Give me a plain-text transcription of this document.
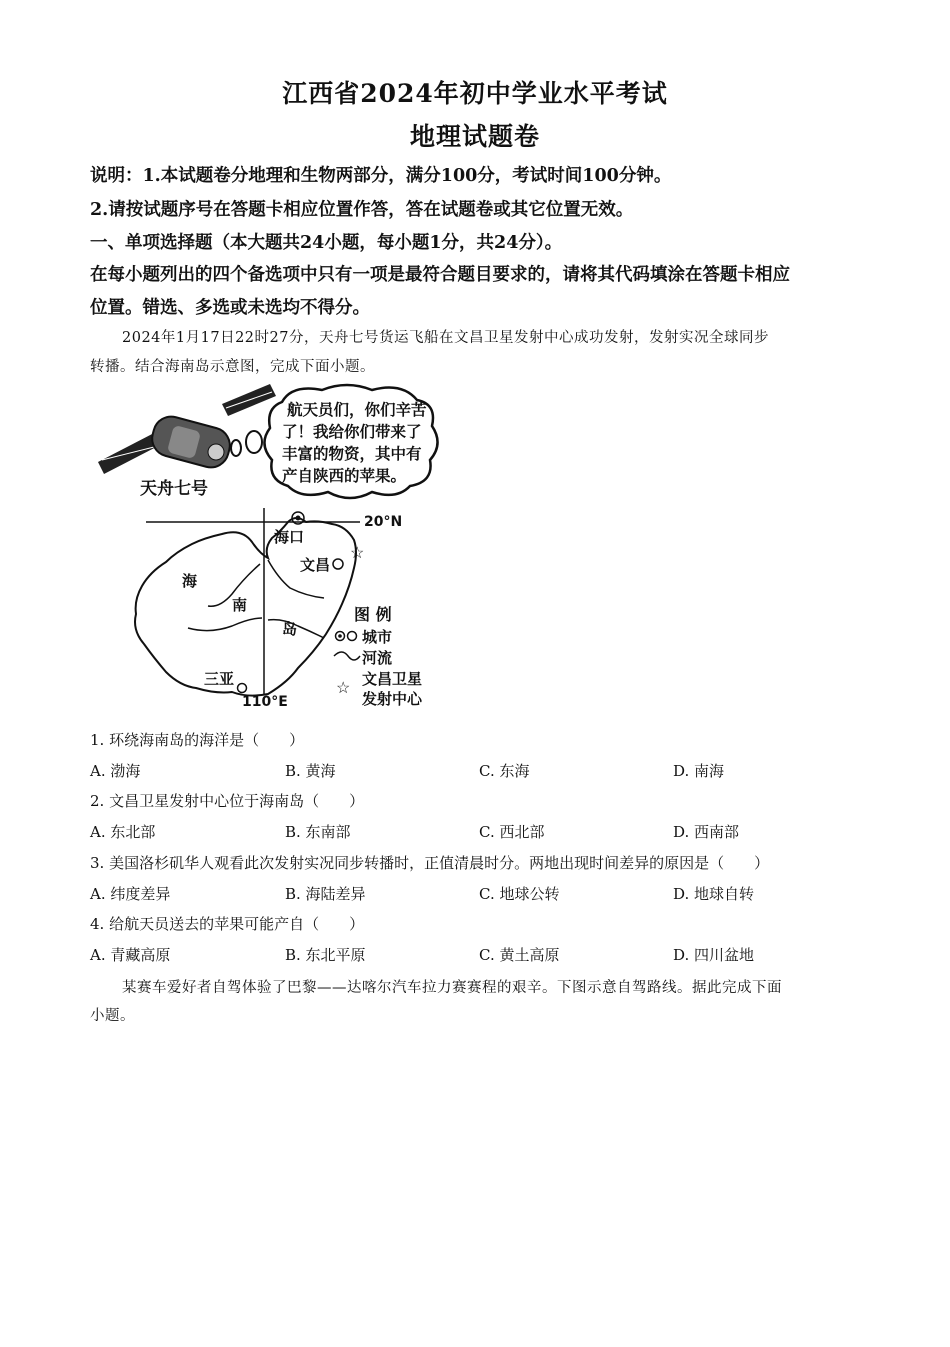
江西省2024年初中学业水平考试
地理试题卷
说明：1.本试题卷分地理和生物两部分，满分100分，考试时间100分钟。
2.请按试题序号在答题卡相应位置作答，答在试题卷或其它位置无效。
一、单项选择题（本大题共24小题，每小题1分，共24分）。
在每小题列出的四个备选项中只有一项是最符合题目要求的，请将其代码填涂在答题卡相应
位置。错选、多选或未选均不得分。
2024年1月17日22时27分，天舟七号货运飞船在文昌卫星发射中心成功发射，发射实况全球同步
转播。结合海南岛示意图，完成下面小题。
航天员们，你们辛苦
了！我给你们带来了
丰富的物资，其中有
产自陕西的苹果。
天舟七号
20°N
110°E
海口
文昌
☆
三亚
海
南
岛
图 例
城市
河流
☆ 文昌卫星
发射中心
1. 环绕海南岛的海洋是（　　）
A. 渤海	B. 黄海	C. 东海	D. 南海
2. 文昌卫星发射中心位于海南岛（　　）
A. 东北部	B. 东南部	C. 西北部	D. 西南部
3. 美国洛杉矶华人观看此次发射实况同步转播时，正值清晨时分。两地出现时间差异的原因是（　　）
A. 纬度差异	B. 海陆差异	C. 地球公转	D. 地球自转
4. 给航天员送去的苹果可能产自（　　）
A. 青藏高原	B. 东北平原	C. 黄土高原	D. 四川盆地
某赛车爱好者自驾体验了巴黎——达喀尔汽车拉力赛赛程的艰辛。下图示意自驾路线。据此完成下面
小题。
